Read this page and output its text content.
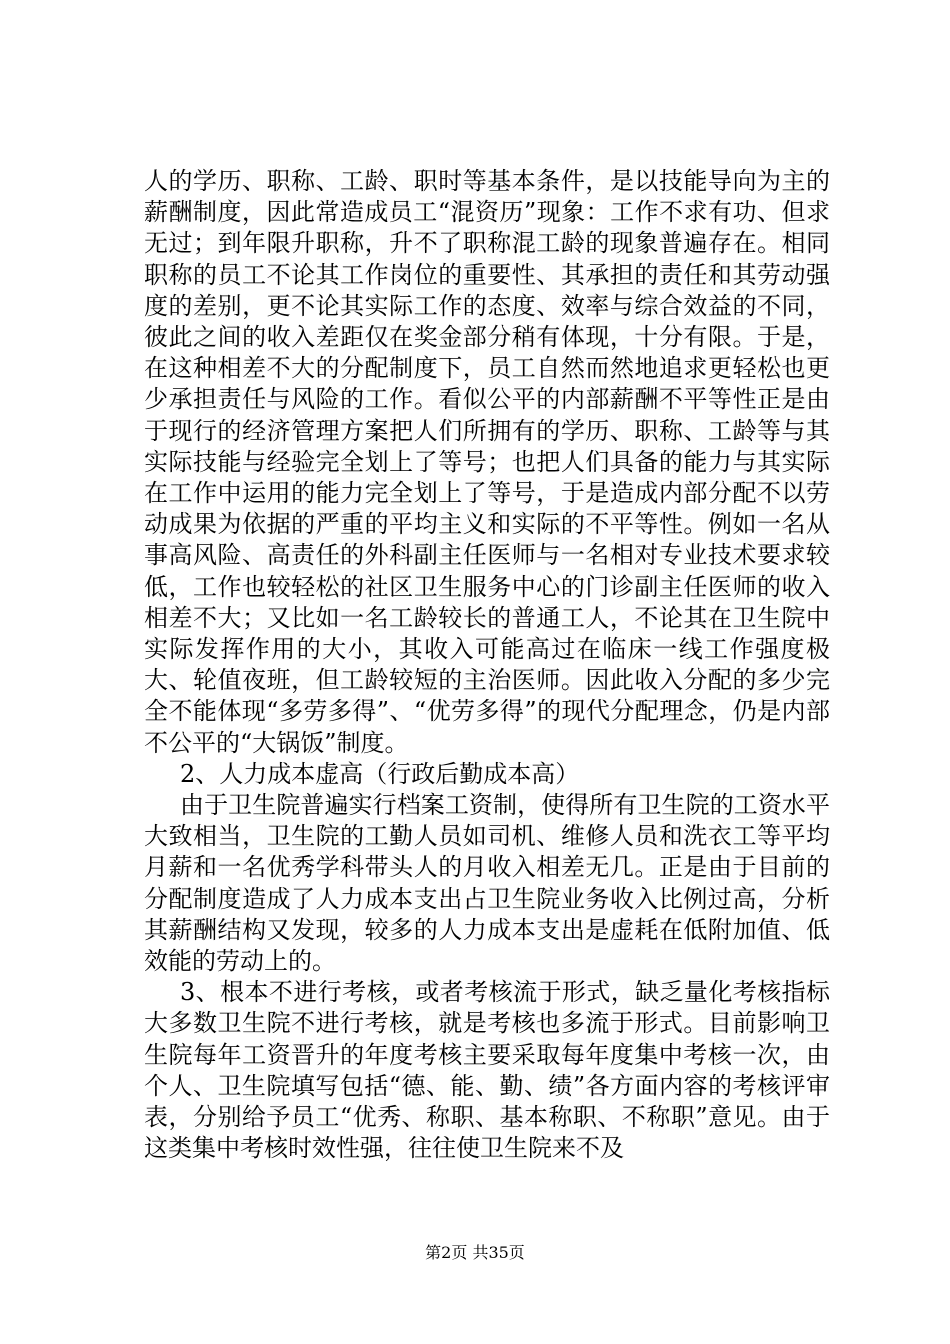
人的学历、职称、工龄、职时等基本条件，是以技能导向为主的薪酬制度，因此常造成员工“混资历”现象：工作不求有功、但求无过；到年限升职称，升不了职称混工龄的现象普遍存在。相同职称的员工不论其工作岗位的重要性、其承担的责任和其劳动强度的差别，更不论其实际工作的态度、效率与综合效益的不同，彼此之间的收入差距仅在奖金部分稍有体现，十分有限。于是，在这种相差不大的分配制度下，员工自然而然地追求更轻松也更少承担责任与风险的工作。看似公平的内部薪酬不平等性正是由于现行的经济管理方案把人们所拥有的学历、职称、工龄等与其实际技能与经验完全划上了等号；也把人们具备的能力与其实际在工作中运用的能力完全划上了等号，于是造成内部分配不以劳动成果为依据的严重的平均主义和实际的不平等性。例如一名从事高风险、高责任的外科副主任医师与一名相对专业技术要求较低，工作也较轻松的社区卫生服务中心的门诊副主任医师的收入相差不大；又比如一名工龄较长的普通工人，不论其在卫生院中实际发挥作用的大小，其收入可能高过在临床一线工作强度极大、轮值夜班，但工龄较短的主治医师。因此收入分配的多少完全不能体现“多劳多得”、“优劳多得”的现代分配理念，仍是内部不公平的“大锅饭”制度。

2、人力成本虚高（行政后勤成本高）

由于卫生院普遍实行档案工资制，使得所有卫生院的工资水平大致相当，卫生院的工勤人员如司机、维修人员和洗衣工等平均月薪和一名优秀学科带头人的月收入相差无几。正是由于目前的分配制度造成了人力成本支出占卫生院业务收入比例过高，分析其薪酬结构又发现，较多的人力成本支出是虚耗在低附加值、低效能的劳动上的。

3、根本不进行考核，或者考核流于形式，缺乏量化考核指标大多数卫生院不进行考核，就是考核也多流于形式。目前影响卫生院每年工资晋升的年度考核主要采取每年度集中考核一次，由个人、卫生院填写包括“德、能、勤、绩”各方面内容的考核评审表，分别给予员工“优秀、称职、基本称职、不称职”意见。由于这类集中考核时效性强，往往使卫生院来不及

第2页 共35页
